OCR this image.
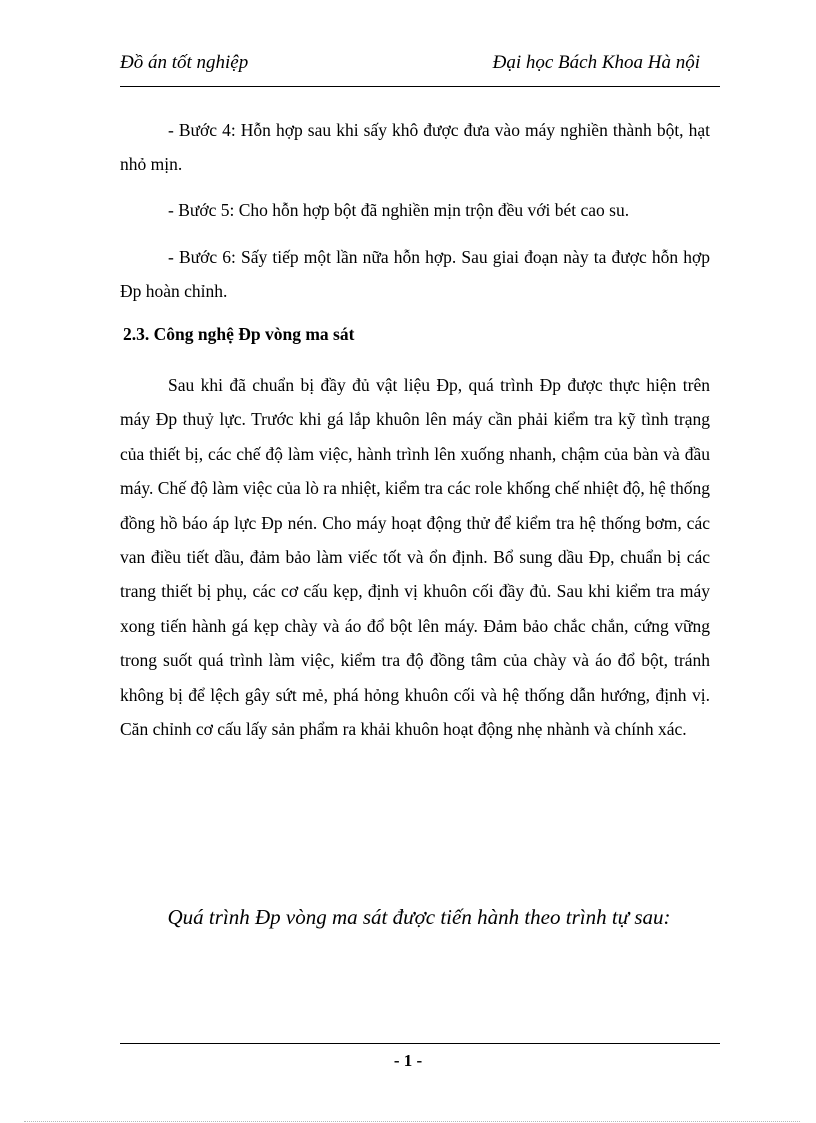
Đồ án tốt nghiệp	Đại học Bách Khoa Hà nội

- Bước 4: Hỗn hợp sau khi sấy khô được đưa vào máy nghiền thành bột, hạt nhỏ mịn.

- Bước 5: Cho hỗn hợp bột đã nghiền mịn trộn đều với bét cao su.

- Bước 6: Sấy tiếp một lần nữa hỗn hợp. Sau giai đoạn này ta được hỗn hợp Đp hoàn chỉnh.

2.3. Công nghệ Đp vòng ma sát

Sau khi đã chuẩn bị đầy đủ vật liệu Đp, quá trình Đp được thực hiện trên máy Đp thuỷ lực. Trước khi gá lắp khuôn lên máy cần phải kiểm tra kỹ tình trạng của thiết bị, các chế độ làm việc, hành trình lên xuống nhanh, chậm của bàn và đầu máy. Chế độ làm việc của lò ra nhiệt, kiểm tra các role khống chế nhiệt độ, hệ thống đồng hồ báo áp lực Đp nén. Cho máy hoạt động thử để kiểm tra hệ thống bơm, các van điều tiết dầu, đảm bảo làm viếc tốt và ổn định. Bổ sung dầu Đp, chuẩn bị các trang thiết bị phụ, các cơ cấu kẹp, định vị khuôn cối đầy đủ. Sau khi kiểm tra máy xong tiến hành gá kẹp chày và áo đổ bột lên máy. Đảm bảo chắc chắn, cứng vững trong suốt quá trình làm việc, kiểm tra độ đồng tâm của chày và áo đổ bột, tránh không bị để lệch gây sứt mẻ, phá hỏng khuôn cối và hệ thống dẫn hướng, định vị. Căn chỉnh cơ cấu lấy sản phẩm ra khải khuôn hoạt động nhẹ nhành và chính xác.

Quá trình Đp vòng ma sát được tiến hành theo trình tự sau:
- 1 -
